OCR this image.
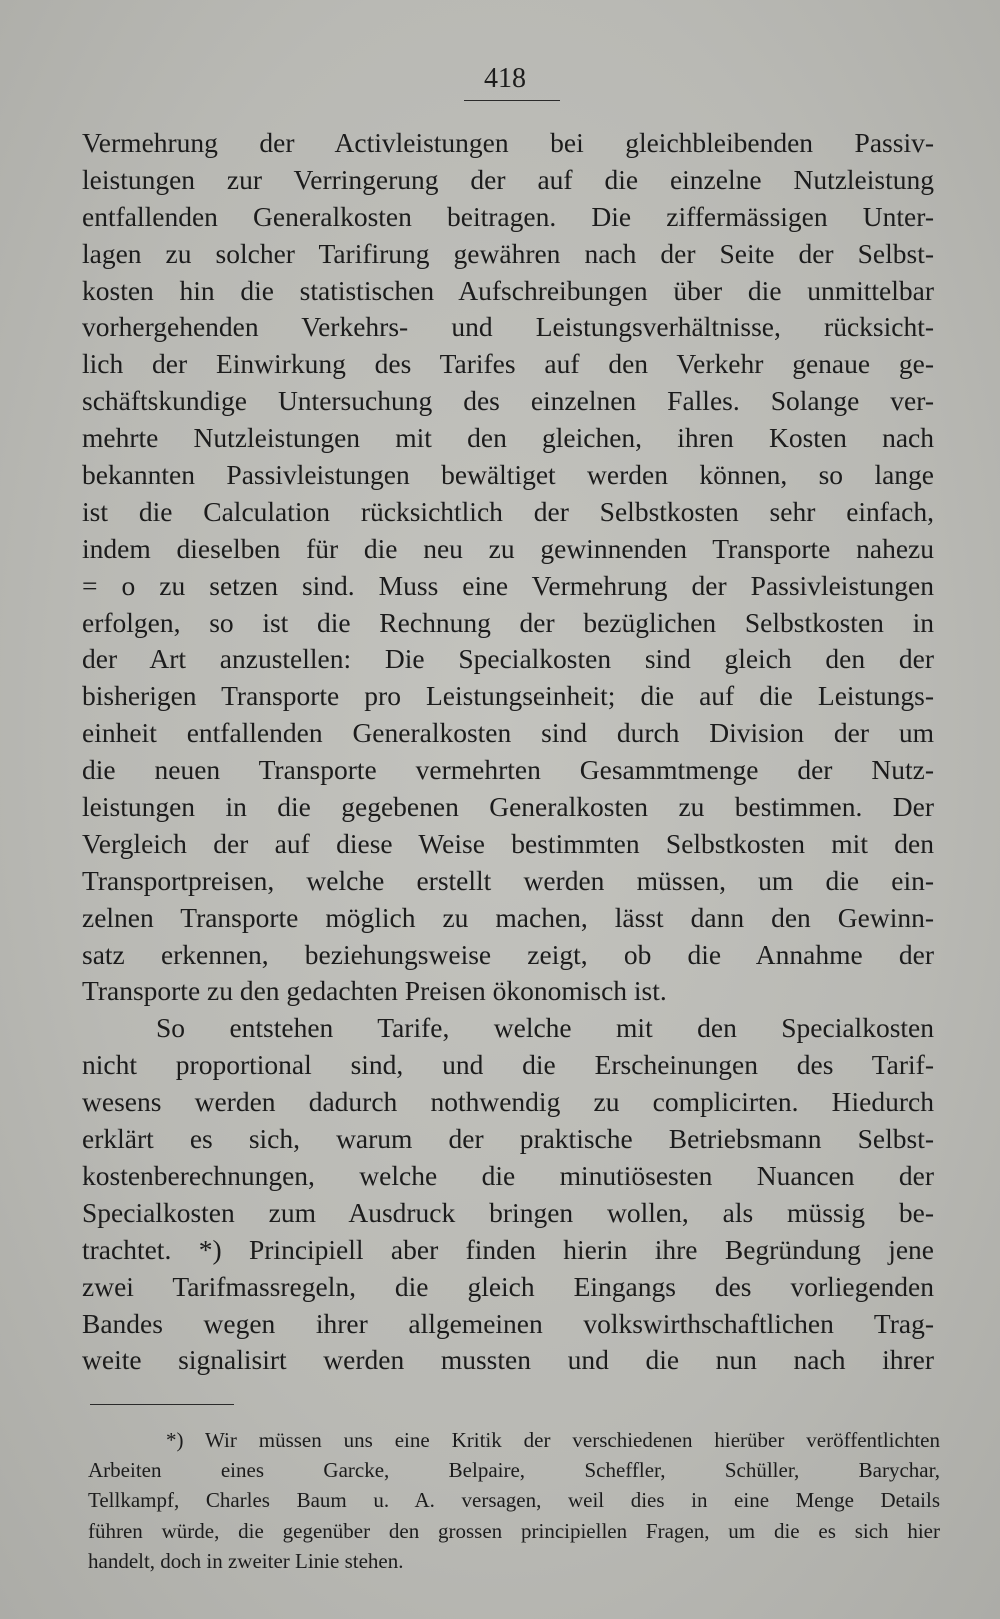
418
Vermehrung der Activleistungen bei gleichbleibenden Passiv-
leistungen zur Verringerung der auf die einzelne Nutzleistung
entfallenden Generalkosten beitragen. Die ziffermässigen Unter-
lagen zu solcher Tarifirung gewähren nach der Seite der Selbst-
kosten hin die statistischen Aufschreibungen über die unmittelbar
vorhergehenden Verkehrs- und Leistungsverhältnisse, rücksicht-
lich der Einwirkung des Tarifes auf den Verkehr genaue ge-
schäftskundige Untersuchung des einzelnen Falles. Solange ver-
mehrte Nutzleistungen mit den gleichen, ihren Kosten nach
bekannten Passivleistungen bewältiget werden können, so lange
ist die Calculation rücksichtlich der Selbstkosten sehr einfach,
indem dieselben für die neu zu gewinnenden Transporte nahezu
= o zu setzen sind. Muss eine Vermehrung der Passivleistungen
erfolgen, so ist die Rechnung der bezüglichen Selbstkosten in
der Art anzustellen: Die Specialkosten sind gleich den der
bisherigen Transporte pro Leistungseinheit; die auf die Leistungs-
einheit entfallenden Generalkosten sind durch Division der um
die neuen Transporte vermehrten Gesammtmenge der Nutz-
leistungen in die gegebenen Generalkosten zu bestimmen. Der
Vergleich der auf diese Weise bestimmten Selbstkosten mit den
Transportpreisen, welche erstellt werden müssen, um die ein-
zelnen Transporte möglich zu machen, lässt dann den Gewinn-
satz erkennen, beziehungsweise zeigt, ob die Annahme der
Transporte zu den gedachten Preisen ökonomisch ist.
So entstehen Tarife, welche mit den Specialkosten
nicht proportional sind, und die Erscheinungen des Tarif-
wesens werden dadurch nothwendig zu complicirten. Hiedurch
erklärt es sich, warum der praktische Betriebsmann Selbst-
kostenberechnungen, welche die minutiösesten Nuancen der
Specialkosten zum Ausdruck bringen wollen, als müssig be-
trachtet. *) Principiell aber finden hierin ihre Begründung jene
zwei Tarifmassregeln, die gleich Eingangs des vorliegenden
Bandes wegen ihrer allgemeinen volkswirthschaftlichen Trag-
weite signalisirt werden mussten und die nun nach ihrer
*) Wir müssen uns eine Kritik der verschiedenen hierüber veröffentlichten
Arbeiten eines Garcke, Belpaire, Scheffler, Schüller, Barychar,
Tellkampf, Charles Baum u. A. versagen, weil dies in eine Menge Details
führen würde, die gegenüber den grossen principiellen Fragen, um die es sich hier
handelt, doch in zweiter Linie stehen.
